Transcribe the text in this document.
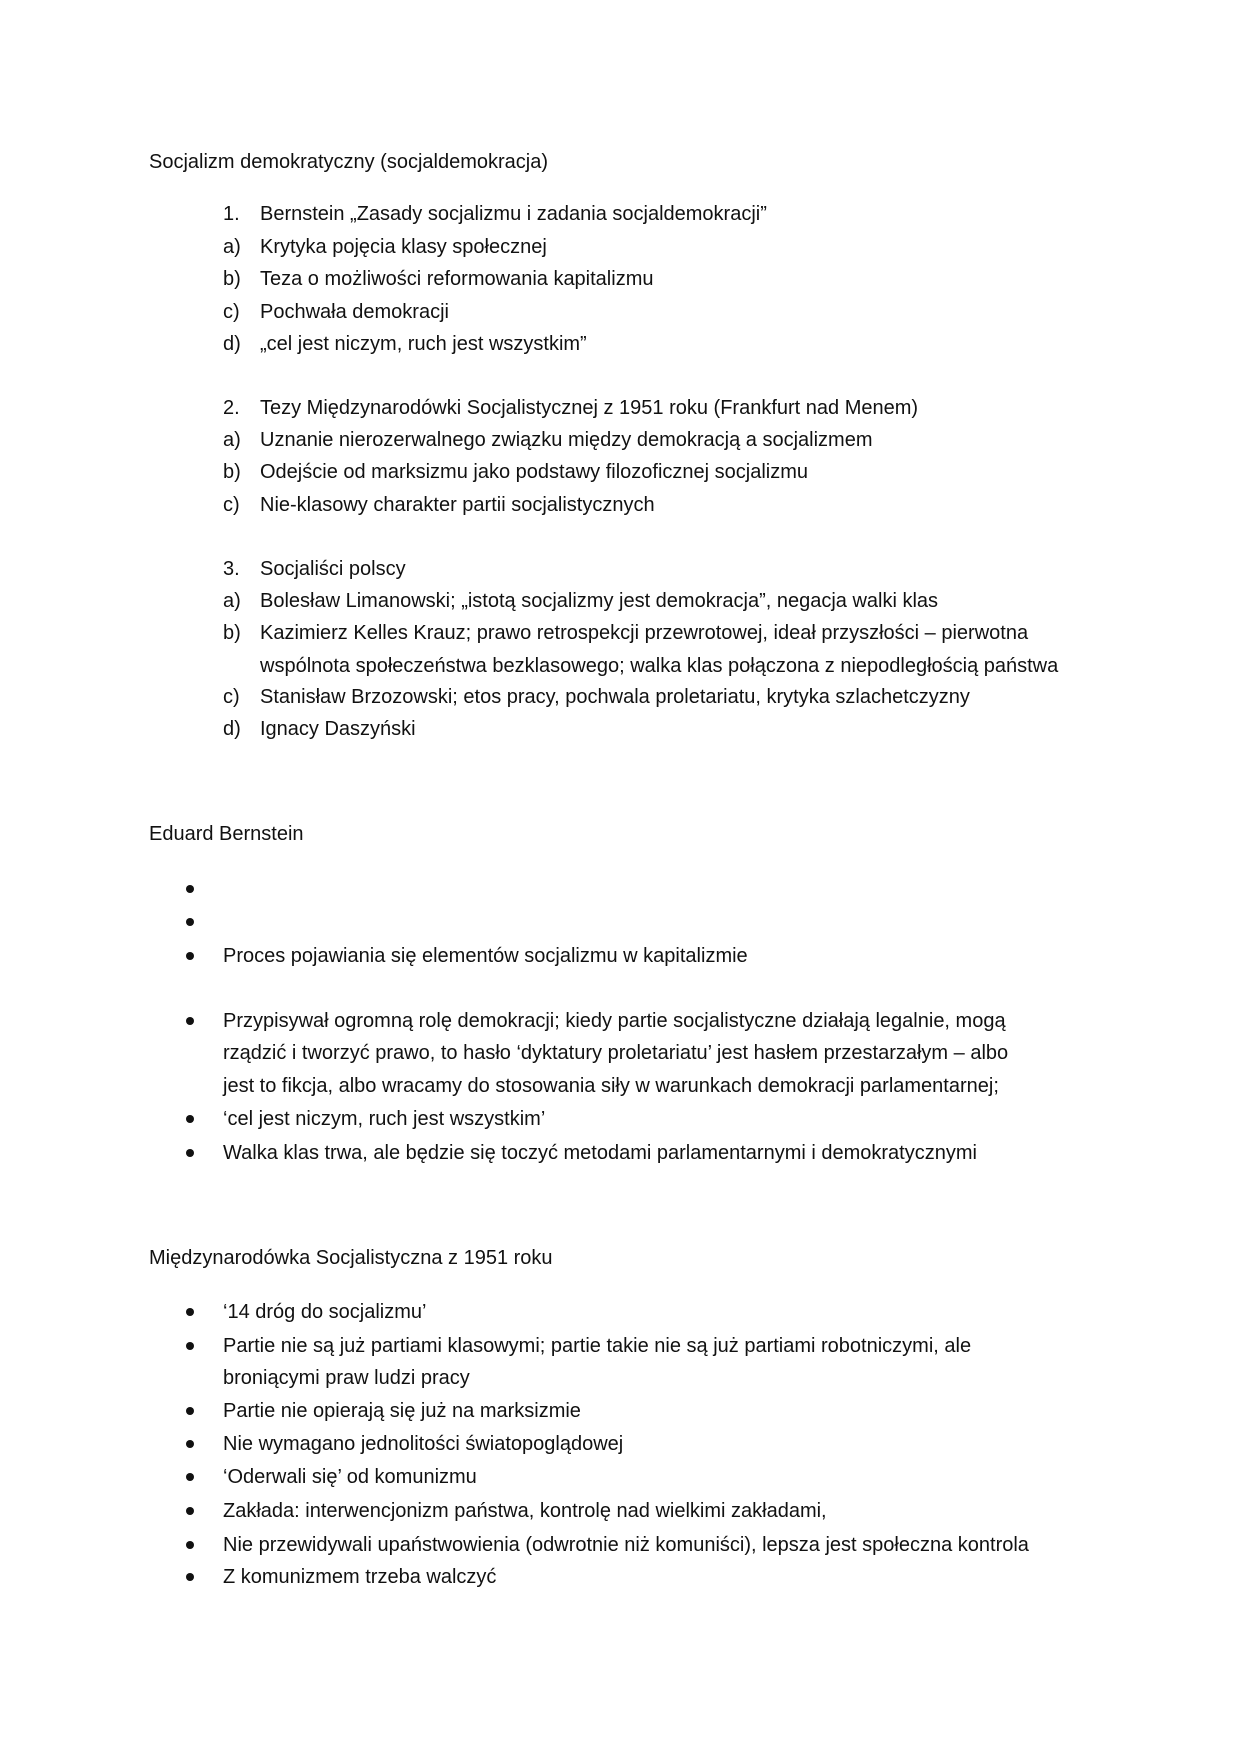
Socjalizm demokratyczny (socjaldemokracja)
1. Bernstein „Zasady socjalizmu i zadania socjaldemokracji”
a) Krytyka pojęcia klasy społecznej
b) Teza o możliwości reformowania kapitalizmu
c) Pochwała demokracji
d) „cel jest niczym, ruch jest wszystkim”
2. Tezy Międzynarodówki Socjalistycznej z 1951 roku (Frankfurt nad Menem)
a) Uznanie nierozerwalnego związku między demokracją a socjalizmem
b) Odejście od marksizmu jako podstawy filozoficznej socjalizmu
c) Nie-klasowy charakter partii socjalistycznych
3. Socjaliści polscy
a) Bolesław Limanowski; „istotą socjalizmy jest demokracja”, negacja walki klas
b) Kazimierz Kelles Krauz; prawo retrospekcji przewrotowej, ideał przyszłości – pierwotna
wspólnota społeczeństwa bezklasowego; walka klas połączona z niepodległością państwa
c) Stanisław Brzozowski; etos pracy, pochwala proletariatu, krytyka szlachetczyzny
d) Ignacy Daszyński
Eduard Bernstein
Proces pojawiania się elementów socjalizmu w kapitalizmie
Przypisywał ogromną rolę demokracji; kiedy partie socjalistyczne działają legalnie, mogą
rządzić i tworzyć prawo, to hasło ‘dyktatury proletariatu’ jest hasłem przestarzałym – albo
jest to fikcja, albo wracamy do stosowania siły w warunkach demokracji parlamentarnej;
‘cel jest niczym, ruch jest wszystkim’
Walka klas trwa, ale będzie się toczyć metodami parlamentarnymi i demokratycznymi
Międzynarodówka Socjalistyczna z 1951 roku
‘14 dróg do socjalizmu’
Partie nie są już partiami klasowymi; partie takie nie są już partiami robotniczymi, ale
broniącymi praw ludzi pracy
Partie nie opierają się już na marksizmie
Nie wymagano jednolitości światopoglądowej
‘Oderwali się’ od komunizmu
Zakłada: interwencjonizm państwa, kontrolę nad wielkimi zakładami,
Nie przewidywali upaństwowienia (odwrotnie niż komuniści), lepsza jest społeczna kontrola
Z komunizmem trzeba walczyć
